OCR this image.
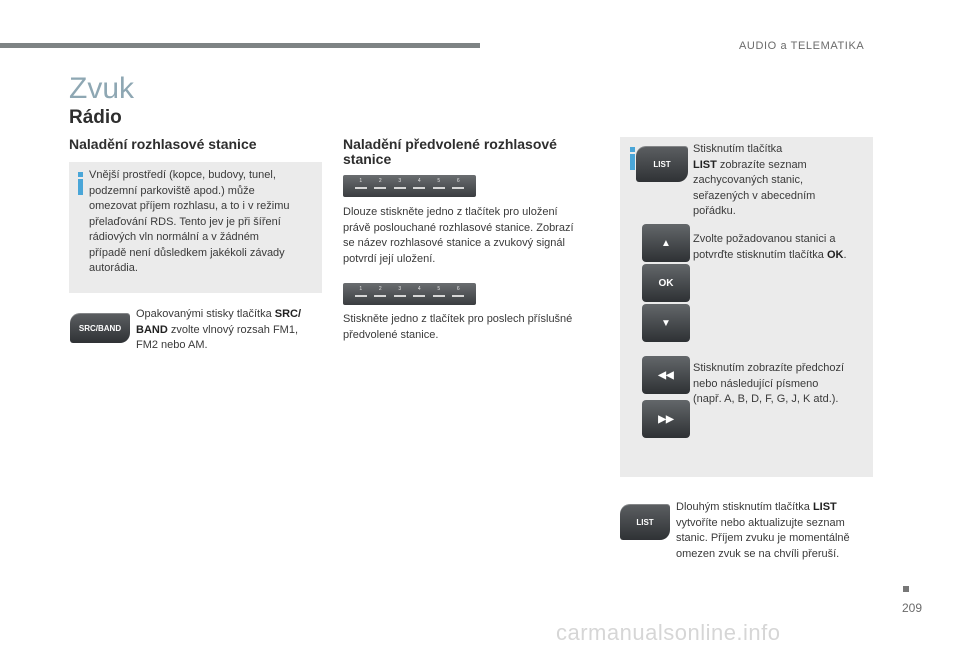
AUDIO a TELEMATIKA
Zvuk
Rádio
Naladění rozhlasové stanice
Vnější prostředí (kopce, budovy, tunel,
podzemní parkoviště apod.) může
omezovat příjem rozhlasu, a to i v režimu
přelaďování RDS. Tento jev je při šíření
rádiových vln normální a v žádném
případě není důsledkem jakékoli závady
autorádia.
SRC/BAND
Opakovanými stisky tlačítka SRC/
BAND zvolte vlnový rozsah FM1,
FM2 nebo AM.
Naladění předvolené rozhlasové
stanice
1	2	3	4	5	6
Dlouze stiskněte jedno z tlačítek pro uložení
právě poslouchané rozhlasové stanice. Zobrazí
se název rozhlasové stanice a zvukový signál
potvrdí její uložení.
1	2	3	4	5	6
Stiskněte jedno z tlačítek pro poslech příslušné
předvolené stanice.
LIST
Stisknutím tlačítka
LIST zobrazíte seznam
zachycovaných stanic,
seřazených v abecedním
pořádku.
▲
OK
▼
Zvolte požadovanou stanici a
potvrďte stisknutím tlačítka OK.
◀◀
▶▶
Stisknutím zobrazíte předchozí
nebo následující písmeno
(např. A, B, D, F, G, J, K atd.).
LIST
Dlouhým stisknutím tlačítka LIST
vytvoříte nebo aktualizujte seznam
stanic. Příjem zvuku je momentálně
omezen zvuk se na chvíli přeruší.
209
carmanualsonline.info
